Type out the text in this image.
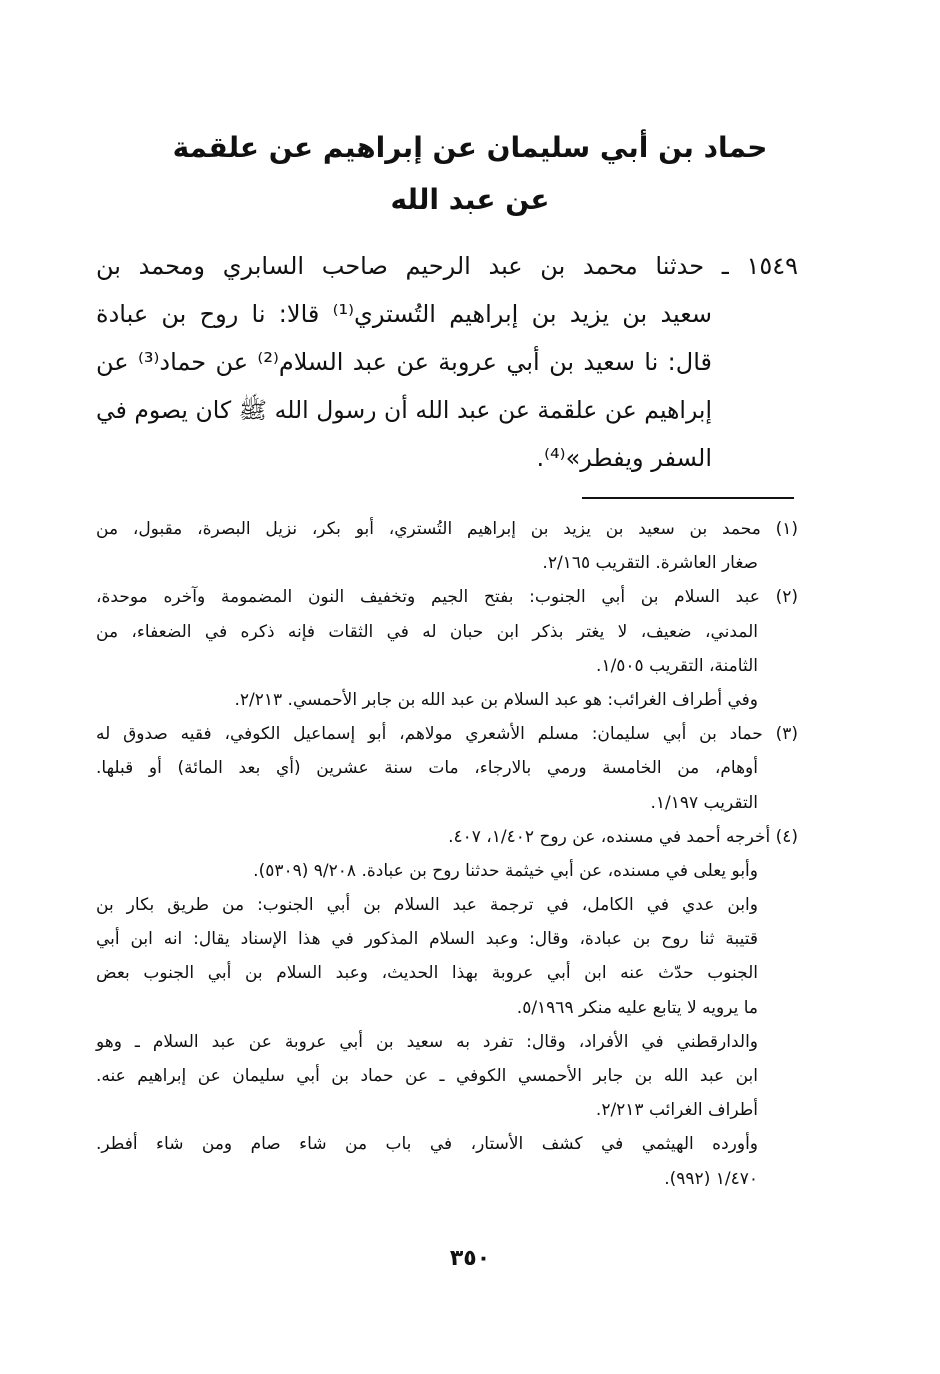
حماد بن أبي سليمان عن إبراهيم عن علقمة
عن عبد الله
١٥٤٩ ـ حدثنا محمد بن عبد الرحيم صاحب السابري ومحمد بن
سعيد بن يزيد بن إبراهيم التُستري⁽¹⁾ قالا: نا روح بن عبادة
قال: نا سعيد بن أبي عروبة عن عبد السلام⁽²⁾ عن حماد⁽³⁾ عن
إبراهيم عن علقمة عن عبد الله أن رسول الله ﷺ كان يصوم في
السفر ويفطر»⁽⁴⁾.
(١) محمد بن سعيد بن يزيد بن إبراهيم التُستري، أبو بكر، نزيل البصرة، مقبول، من
صغار العاشرة. التقريب ٢/١٦٥.
(٢) عبد السلام بن أبي الجنوب: بفتح الجيم وتخفيف النون المضمومة وآخره موحدة،
المدني، ضعيف، لا يغتر بذكر ابن حبان له في الثقات فإنه ذكره في الضعفاء، من
الثامنة، التقريب ١/٥٠٥.
وفي أطراف الغرائب: هو عبد السلام بن عبد الله بن جابر الأحمسي. ٢/٢١٣.
(٣) حماد بن أبي سليمان: مسلم الأشعري مولاهم، أبو إسماعيل الكوفي، فقيه صدوق له
أوهام، من الخامسة ورمي بالارجاء، مات سنة عشرين (أي بعد المائة) أو قبلها.
التقريب ١/١٩٧.
(٤) أخرجه أحمد في مسنده، عن روح ١/٤٠٢، ٤٠٧.
وأبو يعلى في مسنده، عن أبي خيثمة حدثنا روح بن عبادة. ٩/٢٠٨ (٥٣٠٩).
وابن عدي في الكامل، في ترجمة عبد السلام بن أبي الجنوب: من طريق بكار بن
قتيبة ثنا روح بن عبادة، وقال: وعبد السلام المذكور في هذا الإسناد يقال: انه ابن أبي
الجنوب حدّث عنه ابن أبي عروبة بهذا الحديث، وعبد السلام بن أبي الجنوب بعض
ما يرويه لا يتابع عليه منكر ٥/١٩٦٩.
والدارقطني في الأفراد، وقال: تفرد به سعيد بن أبي عروبة عن عبد السلام ـ وهو
ابن عبد الله بن جابر الأحمسي الكوفي ـ عن حماد بن أبي سليمان عن إبراهيم عنه.
أطراف الغرائب ٢/٢١٣.
وأورده الهيثمي في كشف الأستار، في باب من شاء صام ومن شاء أفطر.
١/٤٧٠ (٩٩٢).
٣٥٠
